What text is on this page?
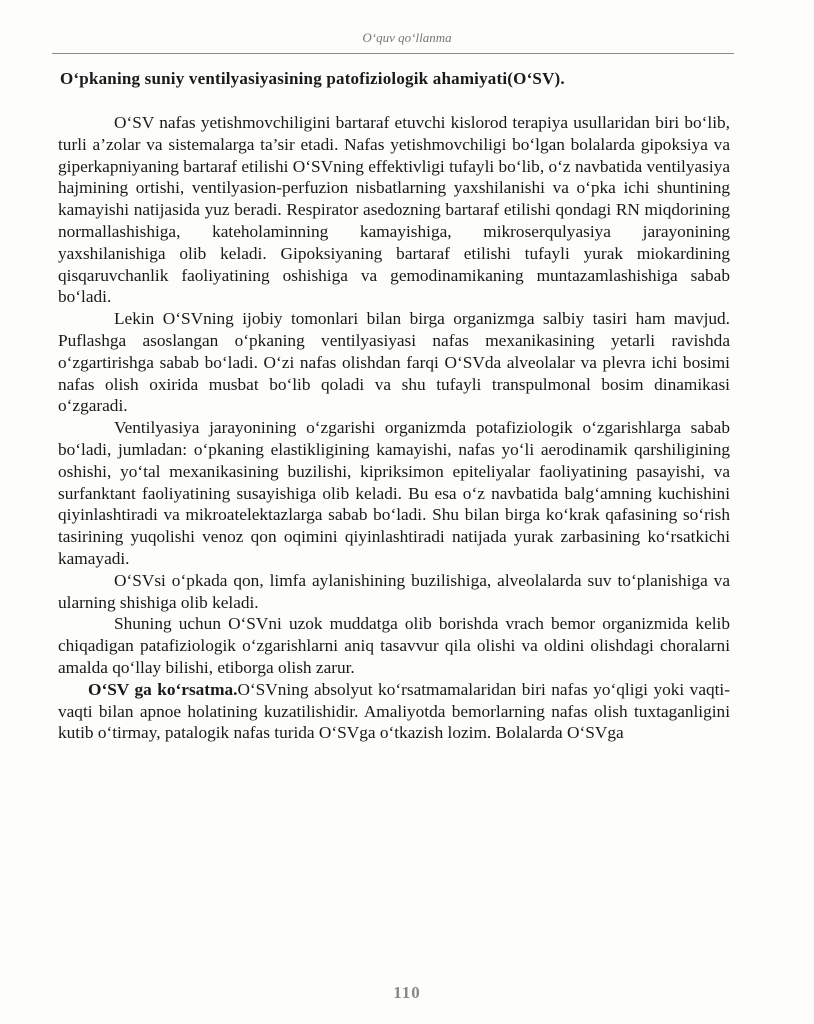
O‘quv qo‘llanma
O‘pkaning suniy ventilyasiyasining patofiziologik ahamiyati(O‘SV).

O‘SV nafas yetishmovchiligini bartaraf etuvchi kislorod terapiya usullaridan biri bo‘lib, turli a’zolar va sistemalarga ta’sir etadi. Nafas yetishmovchiligi bo‘lgan bolalarda gipoksiya va giperkapniyaning bartaraf etilishi O‘SVning effektivligi tufayli bo‘lib, o‘z navbatida ventilyasiya hajmining ortishi, ventilyasion-perfuzion nisbatlarning yaxshilanishi va o‘pka ichi shuntining kamayishi natijasida yuz beradi. Respirator asedozning bartaraf etilishi qondagi RN miqdorining normallashishiga, kateholaminning kamayishiga, mikroserqulyasiya jarayonining yaxshilanishiga olib keladi. Gipoksiyaning bartaraf etilishi tufayli yurak miokardining qisqaruvchanlik faoliyatining oshishiga va gemodinamikaning muntazamlashishiga sabab bo‘ladi.

Lekin O‘SVning ijobiy tomonlari bilan birga organizmga salbiy tasiri ham mavjud. Puflashga asoslangan o‘pkaning ventilyasiyasi nafas mexanikasining yetarli ravishda o‘zgartirishga sabab bo‘ladi. O‘zi nafas olishdan farqi O‘SVda alveolalar va plevra ichi bosimi nafas olish oxirida musbat bo‘lib qoladi va shu tufayli transpulmonal bosim dinamikasi o‘zgaradi.

Ventilyasiya jarayonining o‘zgarishi organizmda potafiziologik o‘zgarishlarga sabab bo‘ladi, jumladan: o‘pkaning elastikligining kamayishi, nafas yo‘li aerodinamik qarshiligining oshishi, yo‘tal mexanikasining buzilishi, kipriksimon epiteliyalar faoliyatining pasayishi, va surfanktant faoliyatining susayishiga olib keladi. Bu esa o‘z navbatida balg‘amning kuchishini qiyinlashtiradi va mikroatelektazlarga sabab bo‘ladi. Shu bilan birga ko‘krak qafasining so‘rish tasirining yuqolishi venoz qon oqimini qiyinlashtiradi natijada yurak zarbasining ko‘rsatkichi kamayadi.

O‘SVsi o‘pkada qon, limfa aylanishining buzilishiga, alveolalarda suv to‘planishiga va ularning shishiga olib keladi.

Shuning uchun O‘SVni uzok muddatga olib borishda vrach bemor organizmida kelib chiqadigan patafiziologik o‘zgarishlarni aniq tasavvur qila olishi va oldini olishdagi choralarni amalda qo‘llay bilishi, etiborga olish zarur.

O‘SV ga ko‘rsatma.O‘SVning absolyut ko‘rsatmamalaridan biri nafas yo‘qligi yoki vaqti-vaqti bilan apnoe holatining kuzatilishidir. Amaliyotda bemorlarning nafas olish tuxtaganligini kutib o‘tirmay, patalogik nafas turida O‘SVga o‘tkazish lozim. Bolalarda O‘SVga

110
